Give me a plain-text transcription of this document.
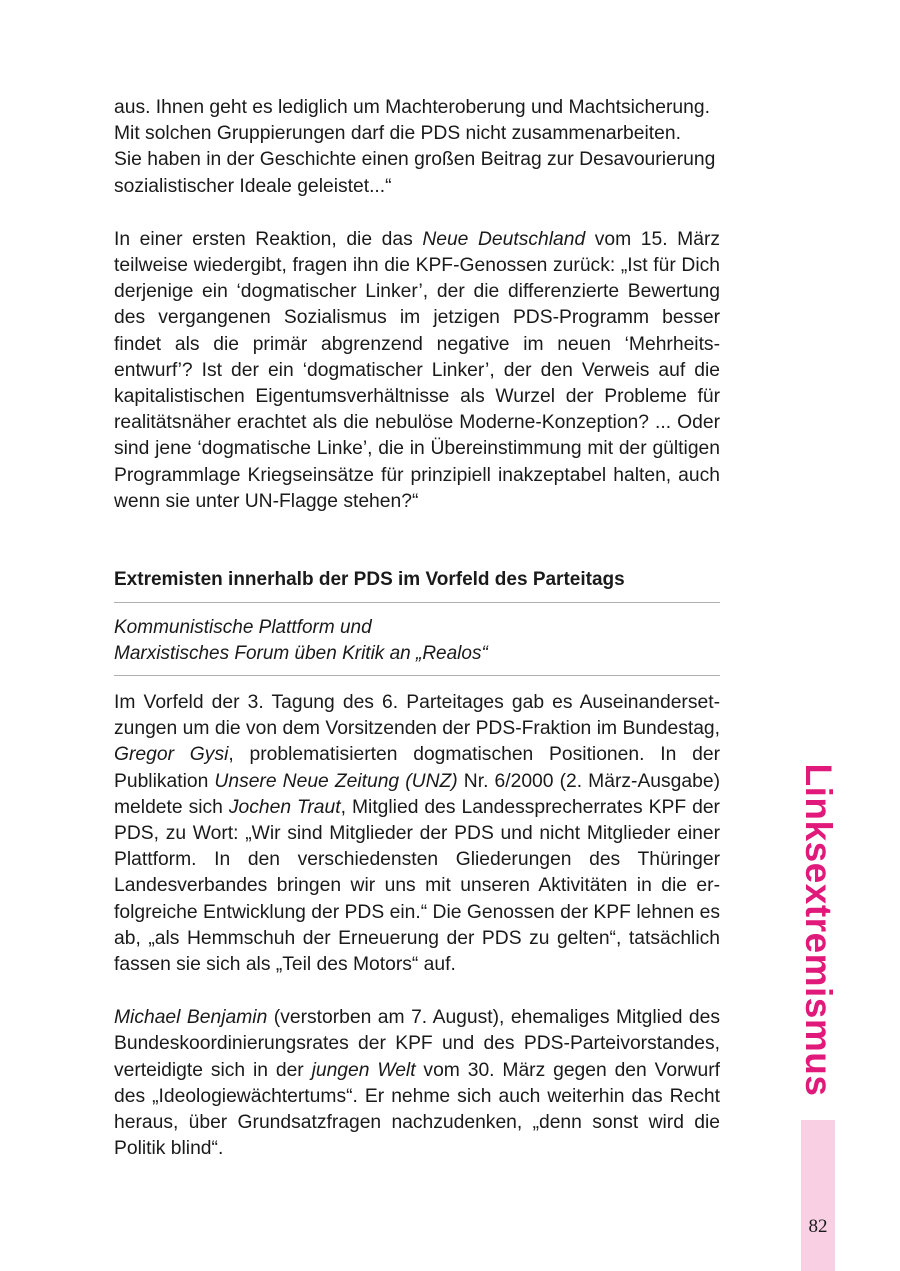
aus. Ihnen geht es lediglich um Machteroberung und Machtsicherung.

Mit solchen Gruppierungen darf die PDS nicht zusammenarbeiten.

Sie haben in der Geschichte einen großen Beitrag zur Desavourierung

sozialistischer Ideale geleistet...“

In einer ersten Reaktion, die das Neue Deutschland vom 15. März teilweise wiedergibt, fragen ihn die KPF-Genossen zurück: „Ist für Dich derjenige ein ‘dogmatischer Linker’, der die differenzierte Bewertung des vergangenen Sozialismus im jetzigen PDS-Programm besser findet als die primär abgrenzend negative im neuen ‘Mehrheitsentwurf’? Ist der ein ‘dogmatischer Linker’, der den Verweis auf die kapitalistischen Eigentumsverhältnisse als Wurzel der Probleme für realitätsnäher erachtet als die nebulöse Moderne-Konzeption? ... Oder sind jene ‘dogmatische Linke’, die in Übereinstimmung mit der gültigen Programmlage Kriegseinsätze für prinzipiell inakzeptabel halten, auch wenn sie unter UN-Flagge stehen?“

Extremisten innerhalb der PDS im Vorfeld des Parteitags
Kommunistische Plattform und
Marxistisches Forum üben Kritik an „Realos“

Im Vorfeld der 3. Tagung des 6. Parteitages gab es Auseinandersetzungen um die von dem Vorsitzenden der PDS-Fraktion im Bundestag, Gregor Gysi, problematisierten dogmatischen Positionen. In der Publikation Unsere Neue Zeitung (UNZ) Nr. 6/2000 (2. März-Ausgabe) meldete sich Jochen Traut, Mitglied des Landessprecherrates KPF der PDS, zu Wort: „Wir sind Mitglieder der PDS und nicht Mitglieder einer Plattform. In den verschiedensten Gliederungen des Thüringer Landesverbandes bringen wir uns mit unseren Aktivitäten in die erfolgreiche Entwicklung der PDS ein.“ Die Genossen der KPF lehnen es ab, „als Hemmschuh der Erneuerung der PDS zu gelten“, tatsächlich fassen sie sich als „Teil des Motors“ auf.

Michael Benjamin (verstorben am 7. August), ehemaliges Mitglied des Bundeskoordinierungsrates der KPF und des PDS-Parteivorstandes, verteidigte sich in der jungen Welt vom 30. März gegen den Vorwurf des „Ideologiewächtertums“. Er nehme sich auch weiterhin das Recht heraus, über Grundsatzfragen nachzudenken, „denn sonst wird die Politik blind“.

Linksextremismus
82
